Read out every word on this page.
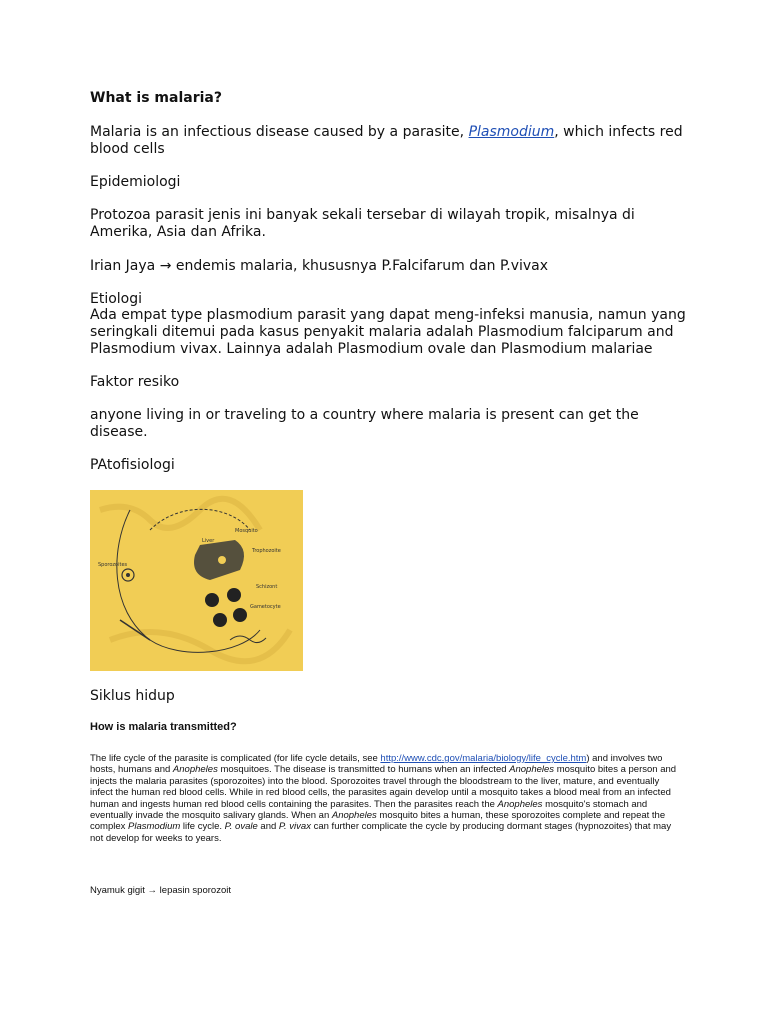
What is malaria?

Malaria is an infectious disease caused by a parasite, Plasmodium, which infects red blood cells

Epidemiologi

Protozoa parasit jenis ini banyak sekali tersebar di wilayah tropik, misalnya di Amerika, Asia dan Afrika.

Irian Jaya → endemis malaria, khususnya P.Falcifarum dan P.vivax

Etiologi

Ada empat type plasmodium parasit yang dapat meng-infeksi manusia, namun yang seringkali ditemui pada kasus penyakit malaria adalah Plasmodium falciparum and Plasmodium vivax. Lainnya adalah Plasmodium ovale dan Plasmodium malariae

Faktor resiko

anyone living in or traveling to a country where malaria is present can get the disease.

PAtofisiologi

Mosquito
Trophozoite
Schizont
Sporozoites
Gametocyte
Liver

Siklus hidup

How is malaria transmitted?

The life cycle of the parasite is complicated (for life cycle details, see http://www.cdc.gov/malaria/biology/life_cycle.htm) and involves two hosts, humans and Anopheles mosquitoes. The disease is transmitted to humans when an infected Anopheles mosquito bites a person and injects the malaria parasites (sporozoites) into the blood. Sporozoites travel through the bloodstream to the liver, mature, and eventually infect the human red blood cells. While in red blood cells, the parasites again develop until a mosquito takes a blood meal from an infected human and ingests human red blood cells containing the parasites. Then the parasites reach the Anopheles mosquito's stomach and eventually invade the mosquito salivary glands. When an Anopheles mosquito bites a human, these sporozoites complete and repeat the complex Plasmodium life cycle. P. ovale and P. vivax can further complicate the cycle by producing dormant stages (hypnozoites) that may not develop for weeks to years.

Nyamuk gigit → lepasin sporozoit
